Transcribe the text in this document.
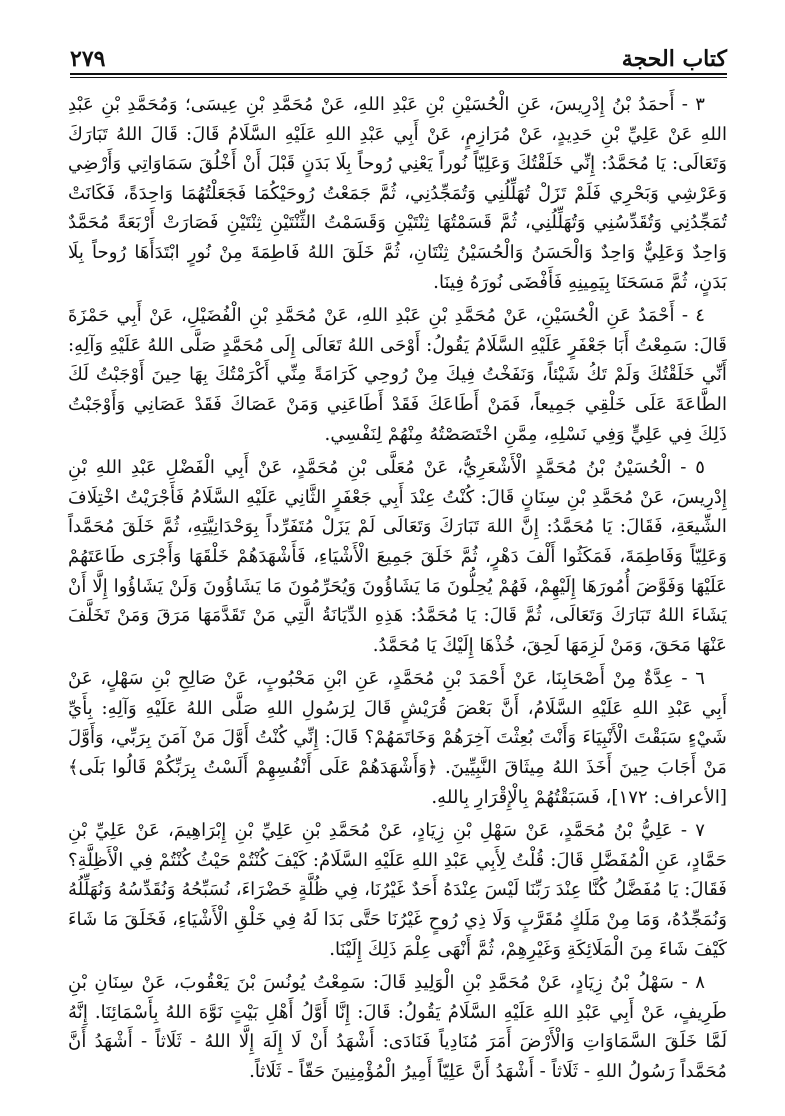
كتاب الحجة
٢٧٩

٣ - أَحمَدُ بْنُ إِدْرِيسَ، عَنِ الْحُسَيْنِ بْنِ عَبْدِ اللهِ، عَنْ مُحَمَّدِ بْنِ عِيسَى؛ وَمُحَمَّدِ بْنِ عَبْدِ اللهِ عَنْ عَلِيِّ بْنِ حَدِيدٍ، عَنْ مُرَازِمٍ، عَنْ أَبِي عَبْدِ اللهِ عَلَيْهِ السَّلَامُ قَالَ: قَالَ اللهُ تَبَارَكَ وَتَعَالَى: يَا مُحَمَّدُ: إِنِّي خَلَقْتُكَ وَعَلِيّاً نُوراً يَعْنِي رُوحاً بِلَا بَدَنٍ قَبْلَ أَنْ أَخْلُقَ سَمَاوَاتِي وَأَرْضِي وَعَرْشِي وَبَحْرِي فَلَمْ تَزَلْ تُهَلِّلُنِي وَتُمَجِّدُنِي، ثُمَّ جَمَعْتُ رُوحَيْكُمَا فَجَعَلْتُهُمَا وَاحِدَةً، فَكَانَتْ تُمَجِّدُنِي وَتُقَدِّسُنِي وَتُهَلِّلُنِي، ثُمَّ قَسَمْتُهَا ثِنْتَيْنِ وَقَسَمْتُ الثِّنْتَيْنِ ثِنْتَيْنِ فَصَارَتْ أَرْبَعَةً مُحَمَّدٌ وَاحِدٌ وَعَلِيٌّ وَاحِدٌ وَالْحَسَنُ وَالْحُسَيْنُ ثِنْتَانِ، ثُمَّ خَلَقَ اللهُ فَاطِمَةَ مِنْ نُورٍ ابْتَدَأَهَا رُوحاً بِلَا بَدَنٍ، ثُمَّ مَسَحَنَا بِيَمِينِهِ فَأَفْضَى نُورَهُ فِينَا.

٤ - أَحْمَدُ عَنِ الْحُسَيْنِ، عَنْ مُحَمَّدِ بْنِ عَبْدِ اللهِ، عَنْ مُحَمَّدِ بْنِ الْفُضَيْلِ، عَنْ أَبِي حَمْزَةَ قَالَ: سَمِعْتُ أَبَا جَعْفَرٍ عَلَيْهِ السَّلَامُ يَقُولُ: أَوْحَى اللهُ تَعَالَى إِلَى مُحَمَّدٍ صَلَّى اللهُ عَلَيْهِ وَآلِهِ: أَنِّي خَلَقْتُكَ وَلَمْ تَكُ شَيْئاً، وَنَفَخْتُ فِيكَ مِنْ رُوحِي كَرَامَةً مِنِّي أَكْرَمْتُكَ بِهَا حِينَ أَوْجَبْتُ لَكَ الطَّاعَةَ عَلَى خَلْقِي جَمِيعاً، فَمَنْ أَطَاعَكَ فَقَدْ أَطَاعَنِي وَمَنْ عَصَاكَ فَقَدْ عَصَانِي وَأَوْجَبْتُ ذَلِكَ فِي عَلِيٍّ وَفِي نَسْلِهِ، مِمَّنِ اخْتَصَصْتُهُ مِنْهُمْ لِنَفْسِي.

٥ - الْحُسَيْنُ بْنُ مُحَمَّدٍ الْأَشْعَرِيُّ، عَنْ مُعَلَّى بْنِ مُحَمَّدٍ، عَنْ أَبِي الْفَضْلِ عَبْدِ اللهِ بْنِ إِدْرِيسَ، عَنْ مُحَمَّدِ بْنِ سِنَانٍ قَالَ: كُنْتُ عِنْدَ أَبِي جَعْفَرٍ الثَّانِي عَلَيْهِ السَّلَامُ فَأَجْرَيْتُ اخْتِلَافَ الشِّيعَةِ، فَقَالَ: يَا مُحَمَّدُ: إِنَّ اللهَ تَبَارَكَ وَتَعَالَى لَمْ يَزَلْ مُتَفَرِّداً بِوَحْدَانِيَّتِهِ، ثُمَّ خَلَقَ مُحَمَّداً وَعَلِيّاً وَفَاطِمَةَ، فَمَكَثُوا أَلْفَ دَهْرٍ، ثُمَّ خَلَقَ جَمِيعَ الْأَشْيَاءِ، فَأَشْهَدَهُمْ خَلْقَهَا وَأَجْرَى طَاعَتَهُمْ عَلَيْهَا وَفَوَّضَ أُمُورَهَا إِلَيْهِمْ، فَهُمْ يُحِلُّونَ مَا يَشَاؤُونَ وَيُحَرِّمُونَ مَا يَشَاؤُونَ وَلَنْ يَشَاؤُوا إِلَّا أَنْ يَشَاءَ اللهُ تَبَارَكَ وَتَعَالَى، ثُمَّ قَالَ: يَا مُحَمَّدُ: هَذِهِ الدِّيَانَةُ الَّتِي مَنْ تَقَدَّمَهَا مَرَقَ وَمَنْ تَخَلَّفَ عَنْهَا مَحَقَ، وَمَنْ لَزِمَهَا لَحِقَ، خُذْهَا إِلَيْكَ يَا مُحَمَّدُ.

٦ - عِدَّةٌ مِنْ أَصْحَابِنَا، عَنْ أَحْمَدَ بْنِ مُحَمَّدٍ، عَنِ ابْنِ مَحْبُوبٍ، عَنْ صَالِحِ بْنِ سَهْلٍ، عَنْ أَبِي عَبْدِ اللهِ عَلَيْهِ السَّلَامُ، أَنَّ بَعْضَ قُرَيْشٍ قَالَ لِرَسُولِ اللهِ صَلَّى اللهُ عَلَيْهِ وَآلِهِ: بِأَيِّ شَيْءٍ سَبَقْتَ الْأَنْبِيَاءَ وَأَنْتَ بُعِثْتَ آخِرَهُمْ وَخَاتَمَهُمْ؟ قَالَ: إِنِّي كُنْتُ أَوَّلَ مَنْ آمَنَ بِرَبِّي، وَأَوَّلَ مَنْ أَجَابَ حِينَ أَخَذَ اللهُ مِيثَاقَ النَّبِيِّينَ. ﴿وَأَشْهَدَهُمْ عَلَى أَنْفُسِهِمْ أَلَسْتُ بِرَبِّكُمْ قَالُوا بَلَى﴾ [الأعراف: ١٧٢]، فَسَبَقْتُهُمْ بِالْإِقْرَارِ بِاللهِ.

٧ - عَلِيُّ بْنُ مُحَمَّدٍ، عَنْ سَهْلِ بْنِ زِيَادٍ، عَنْ مُحَمَّدِ بْنِ عَلِيِّ بْنِ إِبْرَاهِيمَ، عَنْ عَلِيِّ بْنِ حَمَّادٍ، عَنِ الْمُفَضَّلِ قَالَ: قُلْتُ لِأَبِي عَبْدِ اللهِ عَلَيْهِ السَّلَامُ: كَيْفَ كُنْتُمْ حَيْثُ كُنْتُمْ فِي الْأَظِلَّةِ؟ فَقَالَ: يَا مُفَضَّلُ كُنَّا عِنْدَ رَبِّنَا لَيْسَ عِنْدَهُ أَحَدٌ غَيْرُنَا، فِي ظُلَّةٍ خَضْرَاءَ، نُسَبِّحُهُ وَنُقَدِّسُهُ وَنُهَلِّلُهُ وَنُمَجِّدُهُ، وَمَا مِنْ مَلَكٍ مُقَرَّبٍ وَلَا ذِي رُوحٍ غَيْرُنَا حَتَّى بَدَا لَهُ فِي خَلْقِ الْأَشْيَاءِ، فَخَلَقَ مَا شَاءَ كَيْفَ شَاءَ مِنَ الْمَلَائِكَةِ وَغَيْرِهِمْ، ثُمَّ أَنْهَى عِلْمَ ذَلِكَ إِلَيْنَا.

٨ - سَهْلُ بْنُ زِيَادٍ، عَنْ مُحَمَّدِ بْنِ الْوَلِيدِ قَالَ: سَمِعْتُ يُونُسَ بْنَ يَعْقُوبَ، عَنْ سِنَانِ بْنِ طَرِيفٍ، عَنْ أَبِي عَبْدِ اللهِ عَلَيْهِ السَّلَامُ يَقُولُ: قَالَ: إِنَّا أَوَّلُ أَهْلِ بَيْتٍ نَوَّهَ اللهُ بِأَسْمَائِنَا. إِنَّهُ لَمَّا خَلَقَ السَّمَاوَاتِ وَالْأَرْضَ أَمَرَ مُنَادِياً فَنَادَى: أَشْهَدُ أَنْ لَا إِلَهَ إِلَّا اللهُ - ثَلَاثاً - أَشْهَدُ أَنَّ مُحَمَّداً رَسُولُ اللهِ - ثَلَاثاً - أَشْهَدُ أَنَّ عَلِيّاً أَمِيرُ الْمُؤْمِنِينَ حَقّاً - ثَلَاثاً.
